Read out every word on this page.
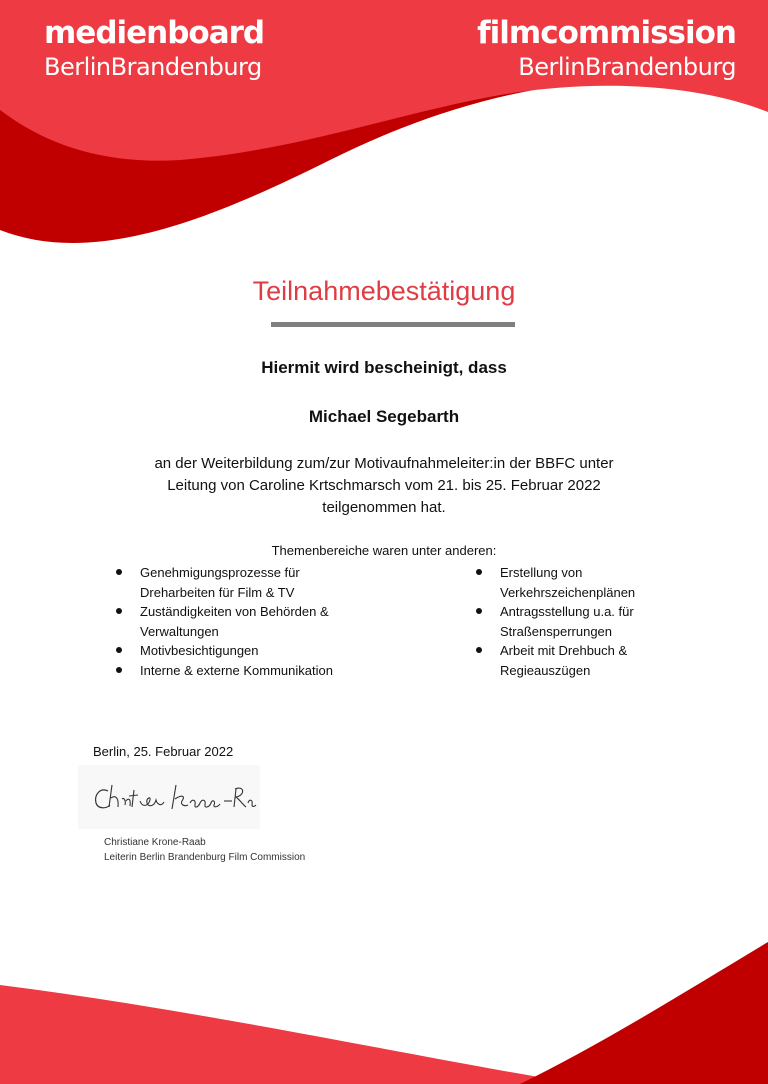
medienboard
BerlinBrandenburg
filmcommission
BerlinBrandenburg
Teilnahmebestätigung
Hiermit wird bescheinigt, dass
Michael Segebarth
an der Weiterbildung zum/zur Motivaufnahmeleiter:in der BBFC unter
Leitung von Caroline Krtschmarsch vom 21. bis 25. Februar 2022
teilgenommen hat.
Themenbereiche waren unter anderen:
Genehmigungsprozesse für Dreharbeiten für Film & TV
Zuständigkeiten von Behörden & Verwaltungen
Motivbesichtigungen
Interne & externe Kommunikation
Erstellung von Verkehrszeichenplänen
Antragsstellung u.a. für Straßensperrungen
Arbeit mit Drehbuch & Regieauszügen
Berlin, 25. Februar 2022
Christiane Krone-Raab
Leiterin Berlin Brandenburg Film Commission
